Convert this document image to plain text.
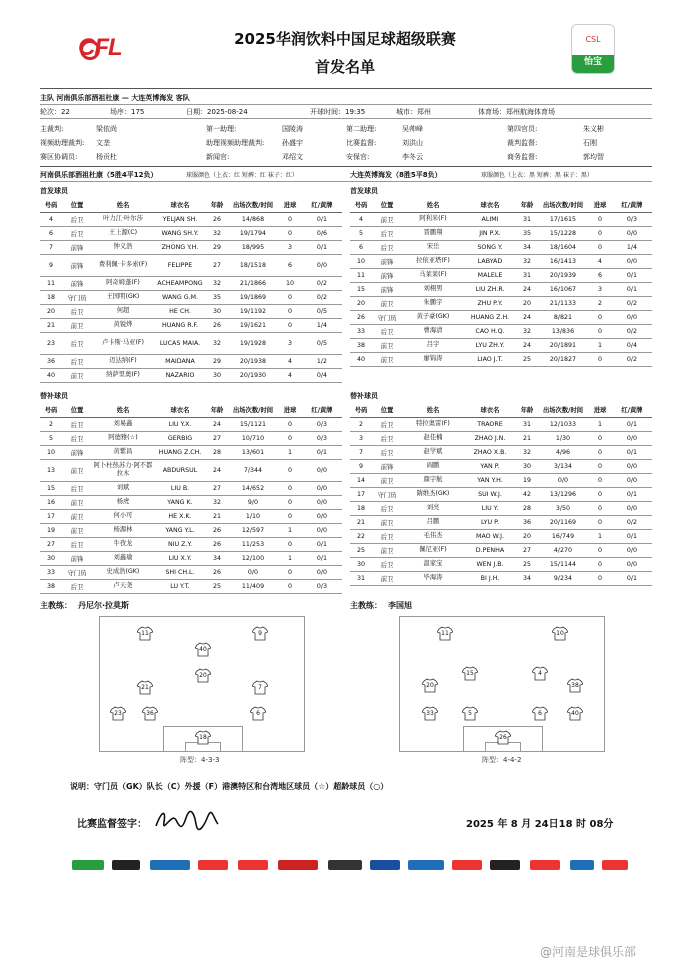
CFL	2025华润饮料中国足球超级联赛
首发名单
CSL
怡宝
主队 河南俱乐部酒祖杜康 — 大连英博海发 客队
轮次：22	场序：175	日期：2025-08-24	开球时间：19:35	城市：郑州	体育场：郑州航海体育场
主裁判:	梁依尚	第一助理:	国陵涛	第二助理:	吴帅峰	第四官员:	朱义彬
视频助理裁判: 文垄	助理视频助理裁判:	孙盛宇	比赛监督:	刘洪山	裁判监督:	石刚
赛区协调员:	杨贡杜	新闻官:	邓绍文	安保官:	李冬云	商务监督:	郭均智
河南俱乐部酒祖杜康（5胜4平12负）	球服颜色（上衣：红 短裤：红 袜子：红）	大连英博海发（8胜5平8负）	球服颜色（上衣：黑 短裤：黑 袜子：黑）
首发球员	首发球员
号码	位置	姓名	球衣名	年龄	出场次数/时间	进球	红/黄牌
4	后卫	叶力江·叶尔莎	YELJAN SH.	26	14/868	0	0/1
6	后卫	王上源(C)	WANG SH.Y.	32	19/1794	0	0/6
7	前锋	钟义浩	ZHONG Y.H.	29	18/995	3	0/1
9	前锋	费利佩·卡多索(F)	FELIPPE	27	18/1518	6	0/0
11	前锋	阿奇姆蓬(F)	ACHEAMPONG	32	21/1866	10	0/2
18	守门员	王国明(GK)	WANG G.M.	35	19/1869	0	0/2
20	后卫	何超	HE CH.	30	19/1192	0	0/5
21	前卫	黄锐烨	HUANG R.F.	26	19/1621	0	1/4
23	后卫	卢卡斯·马亚(F)	LUCAS MAIA.	32	19/1928	3	0/5
36	后卫	迈达纳(F)	MAIDANA	29	20/1938	4	1/2
40	前卫	纳萨里奥(F)	NAZARIO	30	20/1930	4	0/4
号码	位置	姓名	球衣名	年龄	出场次数/时间	进球	红/黄牌
4	前卫	阿利米(F)	ALIMI	31	17/1615	0	0/3
5	后卫	晋鹏翔	JIN P.X.	35	15/1228	0	0/0
6	后卫	宋岳	SONG Y.	34	18/1604	0	1/4
10	前锋	拉依亚塔(F)	LABYAD	32	16/1413	4	0/0
11	前锋	马莱莱(F)	MALELE	31	20/1939	6	0/1
15	前锋	刘栩男	LIU ZH.R.	24	16/1067	3	0/1
20	前卫	朱鹏宇	ZHU P.Y.	20	21/1133	2	0/2
26	守门员	黄子豪(GK)	HUANG Z.H.	24	8/821	0	0/0
33	后卫	曹海清	CAO H.Q.	32	13/836	0	0/2
38	前卫	吕宇	LYU ZH.Y.	24	20/1891	1	0/4
40	前卫	廖锦涛	LIAO J.T.	25	20/1827	0	0/2
替补球员	替补球员
号码	位置	姓名	球衣名	年龄	出场次数/时间	进球	红/黄牌
2	后卫	刘易鑫	LIU Y.X.	24	15/1121	0	0/3
5	后卫	阿德雅(☆)	GERBIG	27	10/710	0	0/3
10	前锋	黄紫昌	HUANG Z.CH.	28	13/601	1	0/1
13	前卫	阿卜杜热苏力·阿不都拉木	ABDURSUL	24	7/344	0	0/0
15	后卫	刘斌	LIU B.	27	14/652	0	0/0
16	前卫	杨虎	YANG K.	32	9/0	0	0/0
17	前卫	何小可	HE X.K.	21	1/10	0	0/0
19	前卫	杨源林	YANG Y.L.	26	12/597	1	0/0
27	后卫	牛孜龙	NIU Z.Y.	26	11/253	0	0/1
30	前锋	刘鑫瑜	LIU X.Y.	34	12/100	1	0/1
33	守门员	史成浩(GK)	SHI CH.L.	26	0/0	0	0/0
38	后卫	卢天尧	LU Y.T.	25	11/409	0	0/3
号码	位置	姓名	球衣名	年龄	出场次数/时间	进球	红/黄牌
2	后卫	特拉奥雷(F)	TRAORE	31	12/1033	1	0/1
3	后卫	赵佳楠	ZHAO J.N.	21	1/30	0	0/0
7	后卫	赵学斌	ZHAO X.B.	32	4/96	0	0/1
9	前锋	阎鹏	YAN P.	30	3/134	0	0/0
14	前卫	颜宇航	YAN Y.H.	19	0/0	0	0/0
17	守门员	隋维杰(GK)	SUI W.J.	42	13/1296	0	0/1
18	后卫	刘亮	LIU Y.	28	3/50	0	0/0
21	前卫	吕鹏	LYU P.	36	20/1169	0	0/2
22	后卫	毛伟杰	MAO W.J.	20	16/749	1	0/1
25	前卫	佩尼亚(F)	D.PENHA	27	4/270	0	0/0
30	后卫	温家宝	WEN J.B.	25	15/1144	0	0/0
31	前卫	毕海涛	BI J.H.	34	9/234	0	0/1
主教练： 丹尼尔·拉莫斯	主教练： 李国旭
11	9
40
20
21	7
23	36	6
18
阵型：4-3-3
11	10
15	4
20	38
33	5	6	40
26
阵型：4-4-2
说明：守门员（GK）队长（C）外援（F）港澳特区和台湾地区球员（☆）超龄球员（○）
比赛监督签字：	2025 年 8 月 24日18 时 08分
@河南是球俱乐部
